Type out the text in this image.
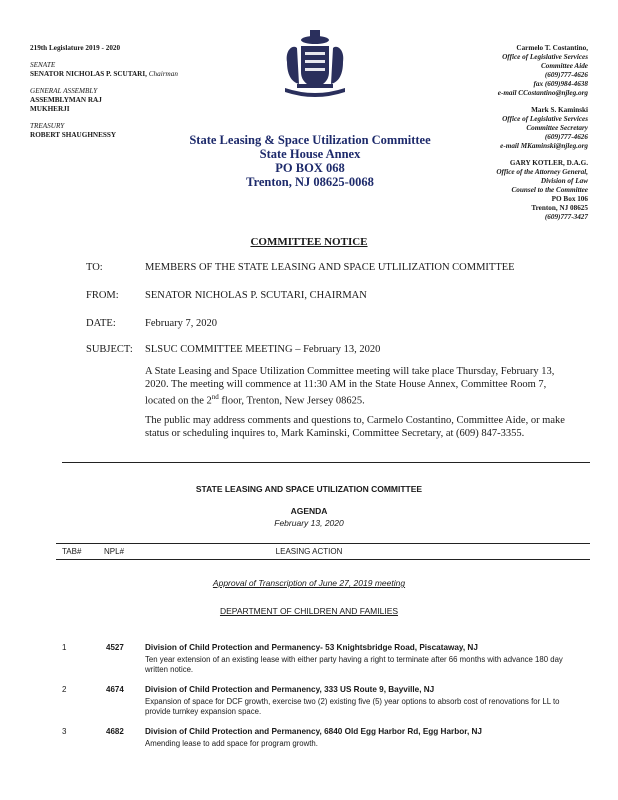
219th Legislature 2019 - 2020
SENATE
SENATOR NICHOLAS P. SCUTARI, Chairman
GENERAL ASSEMBLY
ASSEMBLYMAN RAJ
MUKHERJI
TREASURY
ROBERT SHAUGHNESSY
Carmelo T. Costantino,
Office of Legislative Services
Committee Aide
(609)777-4626
fax (609)984-4638
e-mail CCostantino@njleg.org
Mark S. Kaminski
Office of Legislative Services
Committee Secretary
(609)777-4626
e-mail MKaminski@njleg.org
GARY KOTLER, D.A.G.
Office of the Attorney General,
Division of Law
Counsel to the Committee
PO Box 106
Trenton, NJ 08625
(609)777-3427
State Leasing & Space Utilization Committee
State House Annex
PO BOX 068
Trenton, NJ 08625-0068
COMMITTEE NOTICE
TO:	MEMBERS OF THE STATE LEASING AND SPACE UTLILIZATION COMMITTEE
FROM:	SENATOR NICHOLAS P. SCUTARI, CHAIRMAN
DATE:	February 7, 2020
SUBJECT: SLSUC COMMITTEE MEETING – February 13, 2020
A State Leasing and Space Utilization Committee meeting will take place Thursday, February 13, 2020. The meeting will commence at 11:30 AM in the State House Annex, Committee Room 7, located on the 2nd floor, Trenton, New Jersey 08625.
The public may address comments and questions to, Carmelo Costantino, Committee Aide, or make status or scheduling inquires to, Mark Kaminski, Committee Secretary, at (609) 847-3355.
STATE LEASING AND SPACE UTILIZATION COMMITTEE
AGENDA
February 13, 2020
TAB#	NPL#	LEASING ACTION
Approval of Transcription of June 27, 2019 meeting
DEPARTMENT OF CHILDREN AND FAMILIES
1	4527	Division of Child Protection and Permanency- 53 Knightsbridge Road, Piscataway, NJ
Ten year extension of an existing lease with either party having a right to terminate after 66 months with advance 180 day written notice.
2	4674	Division of Child Protection and Permanency, 333 US Route 9, Bayville, NJ
Expansion of space for DCF growth, exercise two (2) existing five (5) year options to absorb cost of renovations for LL to provide turnkey expansion space.
3	4682	Division of Child Protection and Permanency, 6840 Old Egg Harbor Rd, Egg Harbor, NJ
Amending lease to add space for program growth.
